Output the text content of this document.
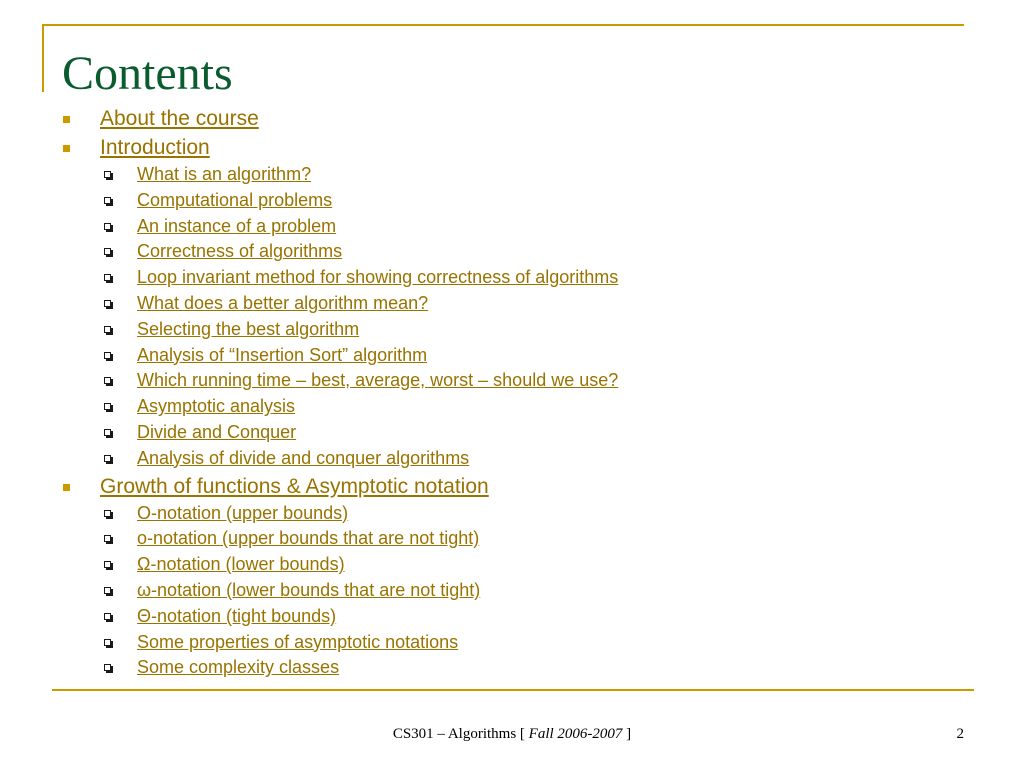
Contents
About the course
Introduction
What is an algorithm?
Computational problems
An instance of a problem
Correctness of algorithms
Loop invariant method for showing correctness of algorithms
What does a better algorithm mean?
Selecting the best algorithm
Analysis of “Insertion Sort” algorithm
Which running time – best, average, worst – should we use?
Asymptotic analysis
Divide and Conquer
Analysis of divide and conquer algorithms
Growth of functions & Asymptotic notation
O-notation (upper bounds)
o-notation (upper bounds that are not tight)
Ω-notation (lower bounds)
ω-notation (lower bounds that are not tight)
Θ-notation (tight bounds)
Some properties of asymptotic notations
Some complexity classes
CS301 – Algorithms [ Fall 2006-2007 ]	2
